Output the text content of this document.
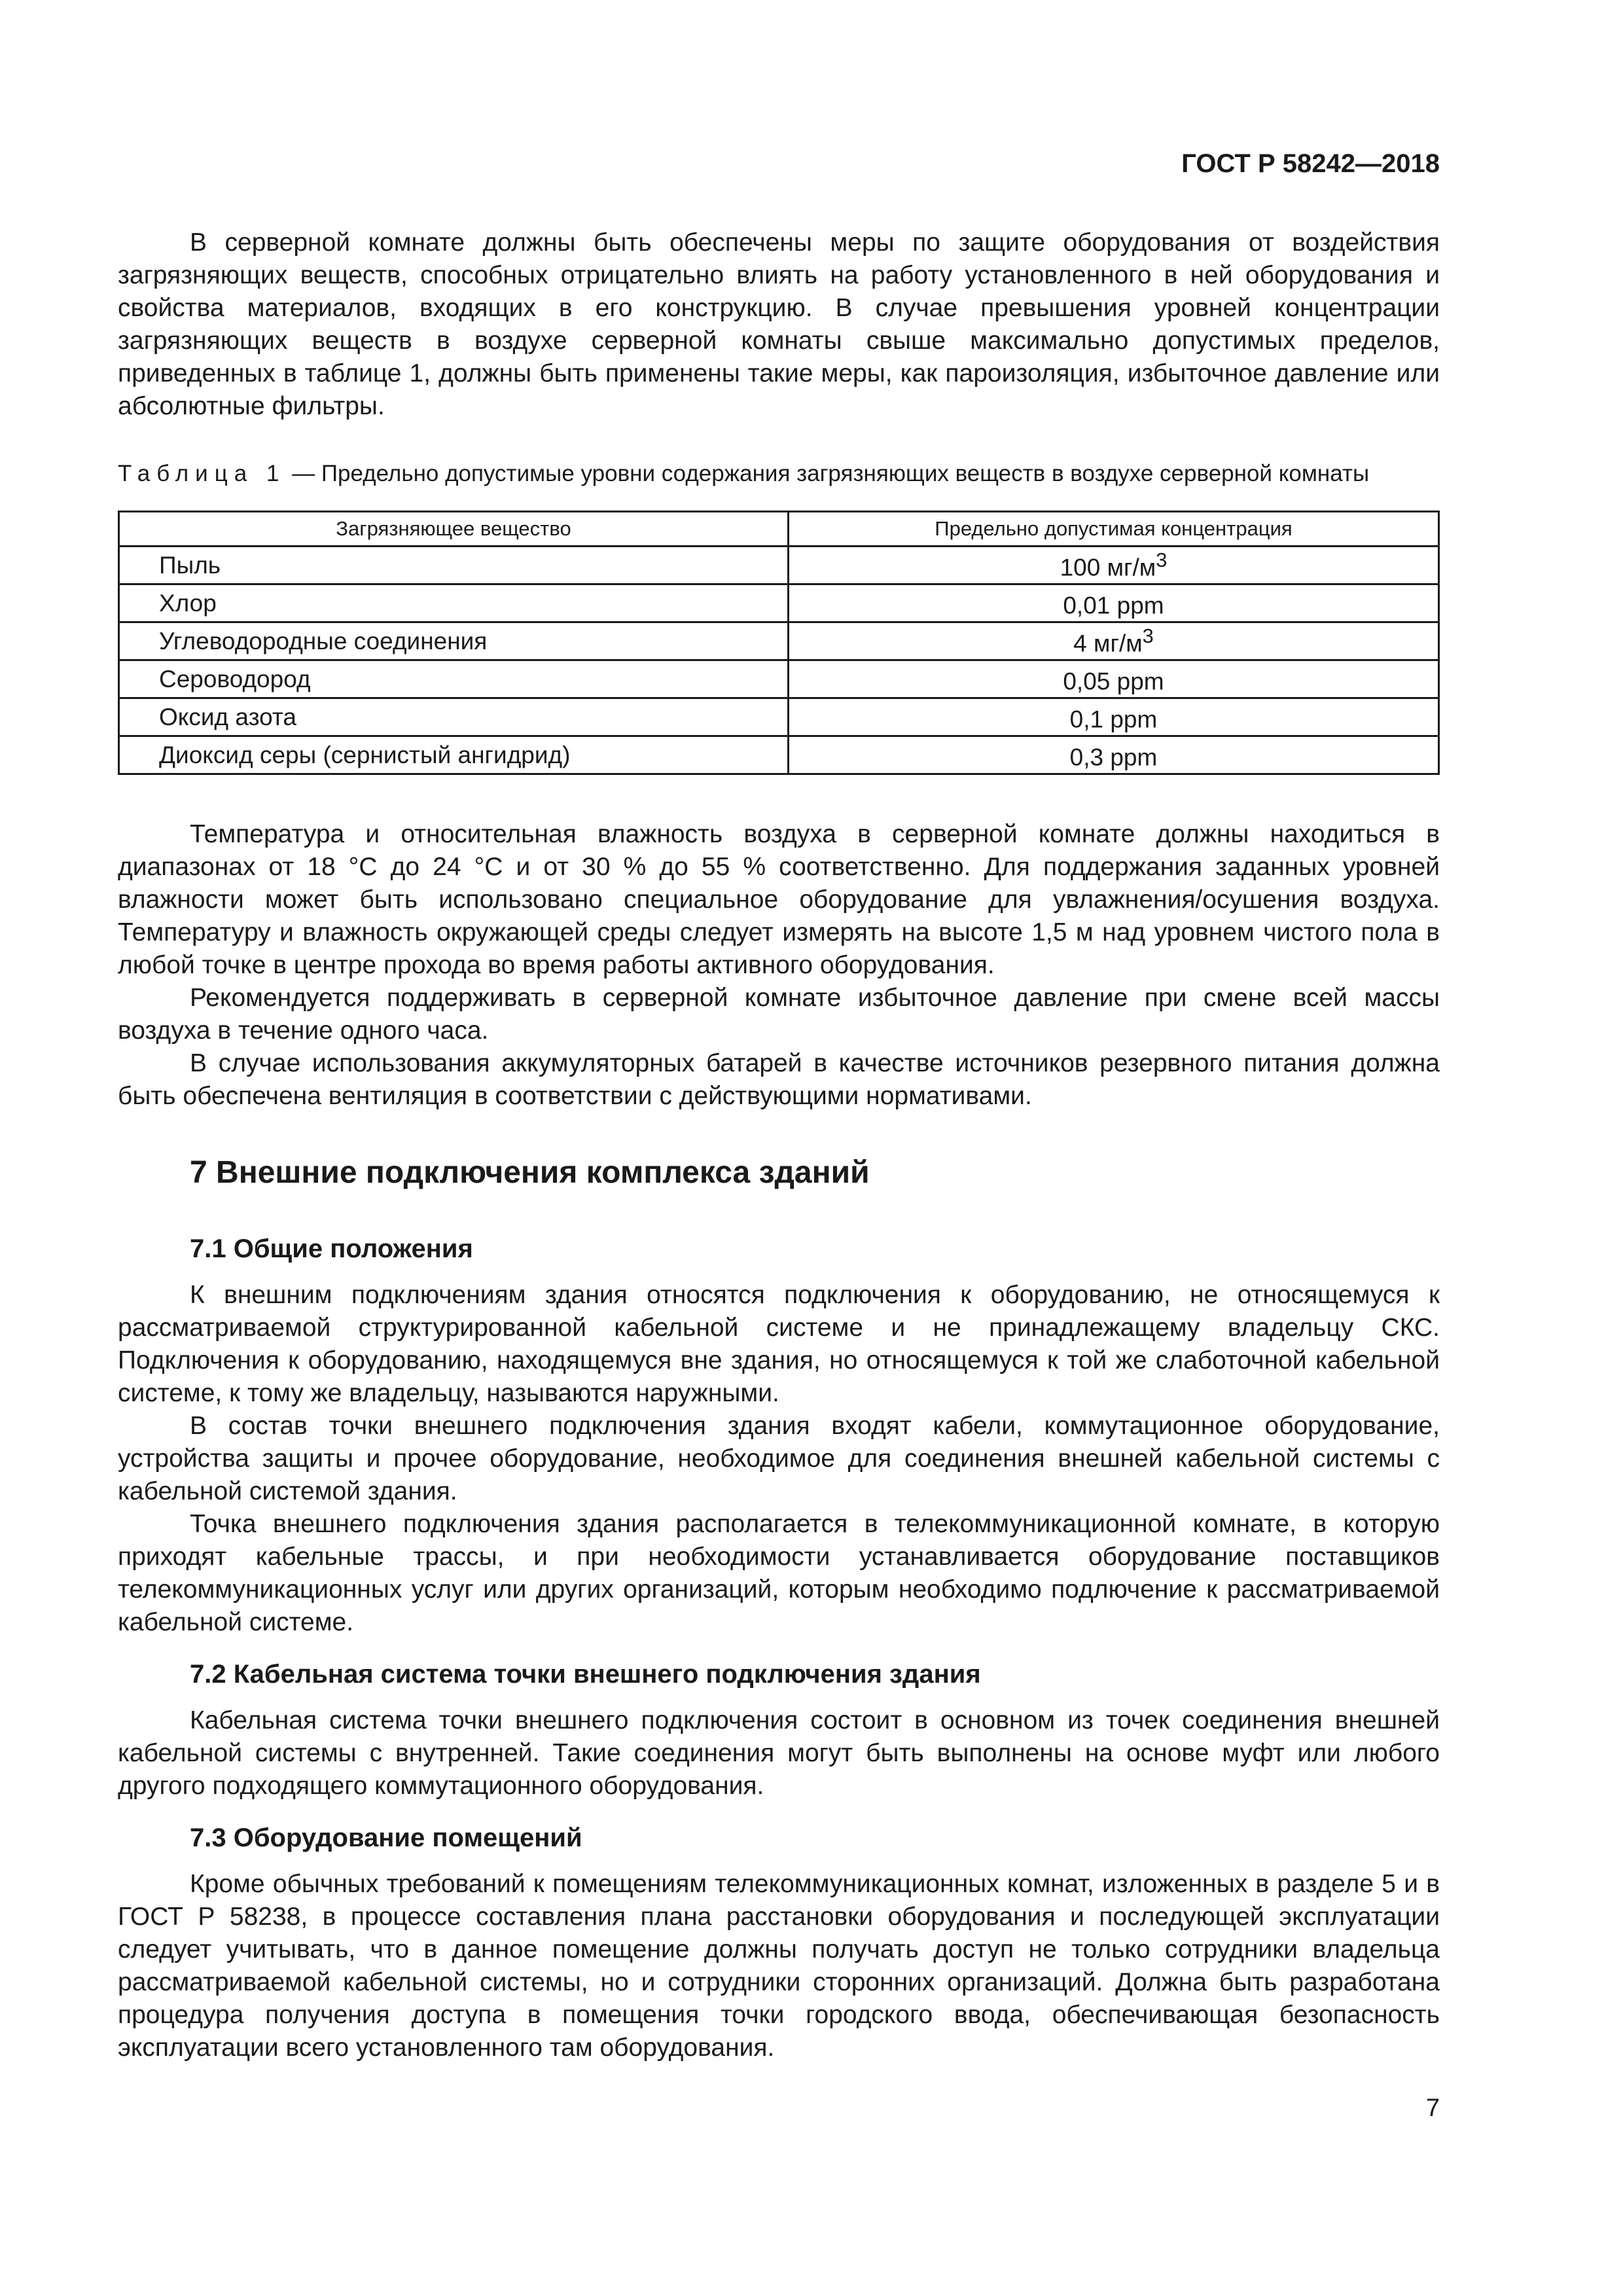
ГОСТ Р 58242—2018

В серверной комнате должны быть обеспечены меры по защите оборудования от воздействия загрязняющих веществ, способных отрицательно влиять на работу установленного в ней оборудования и свойства материалов, входящих в его конструкцию. В случае превышения уровней концентрации загрязняющих веществ в воздухе серверной комнаты свыше максимально допустимых пределов, приведенных в таблице 1, должны быть применены такие меры, как пароизоляция, избыточное давление или абсолютные фильтры.

Таблица 1 — Предельно допустимые уровни содержания загрязняющих веществ в воздухе серверной комнаты
Загрязняющее вещество	Предельно допустимая концентрация
Пыль	100 $мг/м^3$
Хлор	0,01 ppm
Углеводородные соединения	4 $мг/м^3$
Сероводород	0,05 ppm
Оксид азота	0,1 ppm
Диоксид серы (сернистый ангидрид)	0,3 ppm

Температура и относительная влажность воздуха в серверной комнате должны находиться в диапазонах от 18 °C до 24 °C и от 30 % до 55 % соответственно. Для поддержания заданных уровней влажности может быть использовано специальное оборудование для увлажнения/осушения воздуха. Температуру и влажность окружающей среды следует измерять на высоте 1,5 м над уровнем чистого пола в любой точке в центре прохода во время работы активного оборудования.

Рекомендуется поддерживать в серверной комнате избыточное давление при смене всей массы воздуха в течение одного часа.

В случае использования аккумуляторных батарей в качестве источников резервного питания должна быть обеспечена вентиляция в соответствии с действующими нормативами.

7 Внешние подключения комплекса зданий
7.1 Общие положения

К внешним подключениям здания относятся подключения к оборудованию, не относящемуся к рассматриваемой структурированной кабельной системе и не принадлежащему владельцу СКС. Подключения к оборудованию, находящемуся вне здания, но относящемуся к той же слаботочной кабельной системе, к тому же владельцу, называются наружными.

В состав точки внешнего подключения здания входят кабели, коммутационное оборудование, устройства защиты и прочее оборудование, необходимое для соединения внешней кабельной системы с кабельной системой здания.

Точка внешнего подключения здания располагается в телекоммуникационной комнате, в которую приходят кабельные трассы, и при необходимости устанавливается оборудование поставщиков телекоммуникационных услуг или других организаций, которым необходимо подлючение к рассматриваемой кабельной системе.

7.2 Кабельная система точки внешнего подключения здания

Кабельная система точки внешнего подключения состоит в основном из точек соединения внешней кабельной системы с внутренней. Такие соединения могут быть выполнены на основе муфт или любого другого подходящего коммутационного оборудования.

7.3 Оборудование помещений

Кроме обычных требований к помещениям телекоммуникационных комнат, изложенных в разделе 5 и в ГОСТ Р 58238, в процессе составления плана расстановки оборудования и последующей эксплуатации следует учитывать, что в данное помещение должны получать доступ не только сотрудники владельца рассматриваемой кабельной системы, но и сотрудники сторонних организаций. Должна быть разработана процедура получения доступа в помещения точки городского ввода, обеспечивающая безопасность эксплуатации всего установленного там оборудования.

7
